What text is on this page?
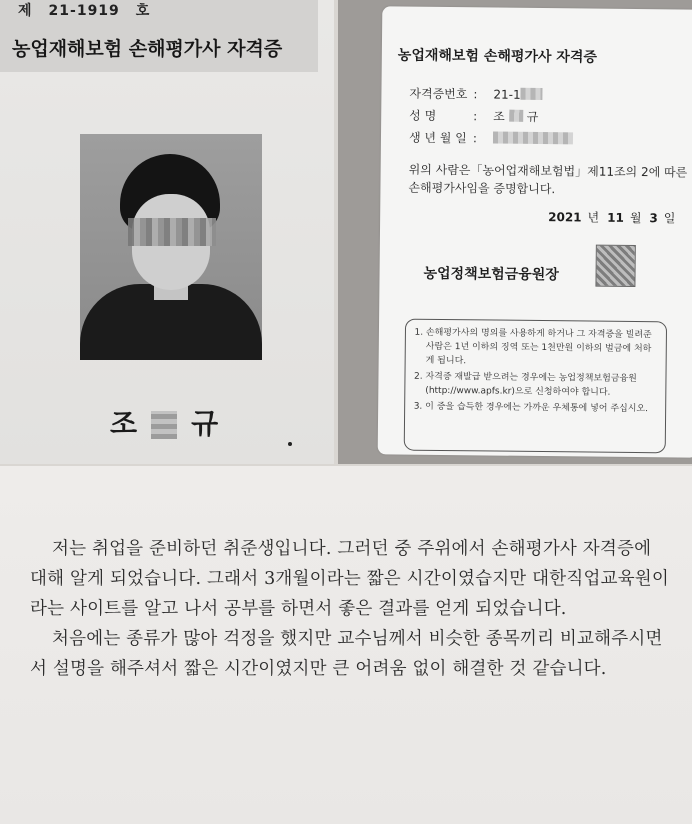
제 21-1919 호
농업재해보험 손해평가사 자격증
조 규
농업재해보험 손해평가사 자격증
자격증번호 : 21-1
성 명	: 조 규
생 년 월 일 :
위의 사람은「농어업재해보험법」제11조의 2에 따른 손해평가사임을 증명합니다.
2021 년 11 월 3 일
농업정책보험금융원장
1. 손해평가사의 명의를 사용하게 하거나 그 자격증을 빌려준 사람은 1년 이하의 징역 또는 1천만원 이하의 벌금에 처하게 됩니다.
2. 자격증 재발급 받으려는 경우에는 농업정책보험금융원(http://www.apfs.kr)으로 신청하여야 합니다.
3. 이 증을 습득한 경우에는 가까운 우체통에 넣어 주십시오.

저는 취업을 준비하던 취준생입니다. 그러던 중 주위에서 손해평가사 자격증에 대해 알게 되었습니다. 그래서 3개월이라는 짧은 시간이였습지만 대한직업교육원이라는 사이트를 알고 나서 공부를 하면서 좋은 결과를 얻게 되었습니다.

처음에는 종류가 많아 걱정을 했지만 교수님께서 비슷한 종목끼리 비교해주시면서 설명을 해주셔서 짧은 시간이였지만 큰 어려움 없이 해결한 것 같습니다.
